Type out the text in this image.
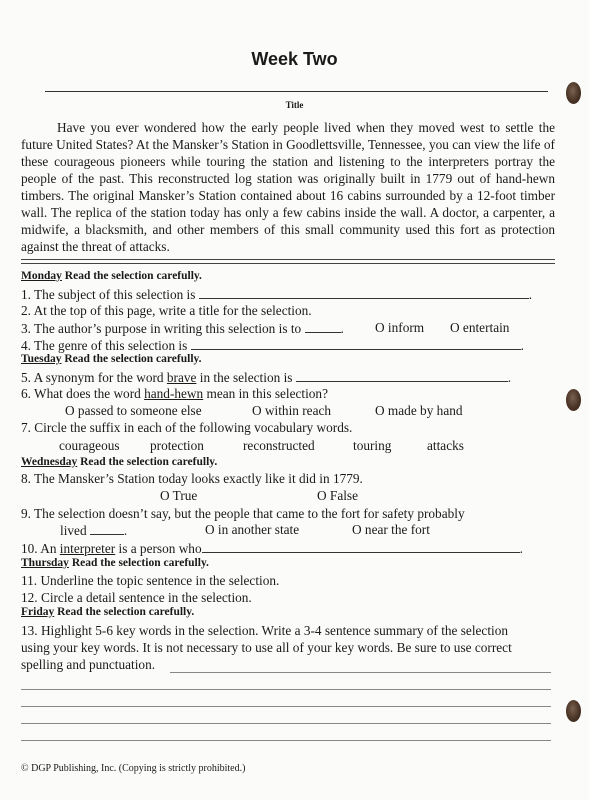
Week Two
Title
Have you ever wondered how the early people lived when they moved west to settle the future United States? At the Mansker’s Station in Goodlettsville, Tennessee, you can view the life of these courageous pioneers while touring the station and listening to the interpreters portray the people of the past. This reconstructed log station was originally built in 1779 out of hand-hewn timbers. The original Mansker’s Station contained about 16 cabins surrounded by a 12-foot timber wall. The replica of the station today has only a few cabins inside the wall. A doctor, a carpenter, a midwife, a blacksmith, and other members of this small community used this fort as protection against the threat of attacks.
Monday Read the selection carefully.
1. The subject of this selection is	.
2. At the top of this page, write a title for the selection.
3. The author’s purpose in writing this selection is to	. O inform O entertain
4. The genre of this selection is	.
Tuesday Read the selection carefully.
5. A synonym for the word brave in the selection is	.
6. What does the word hand-hewn mean in this selection?
O passed to someone else	O within reach	O made by hand
7. Circle the suffix in each of the following vocabulary words.
courageous protection	reconstructed	touring	attacks
Wednesday Read the selection carefully.
8. The Mansker’s Station today looks exactly like it did in 1779.
O True	O False
9. The selection doesn’t say, but the people that came to the fort for safety probably
lived	.	O in another state	O near the fort
10. An interpreter is a person who	.
Thursday Read the selection carefully.
11. Underline the topic sentence in the selection.
12. Circle a detail sentence in the selection.
Friday Read the selection carefully.
13. Highlight 5-6 key words in the selection. Write a 3-4 sentence summary of the selection
using your key words. It is not necessary to use all of your key words. Be sure to use correct
spelling and punctuation.
© DGP Publishing, Inc. (Copying is strictly prohibited.)
